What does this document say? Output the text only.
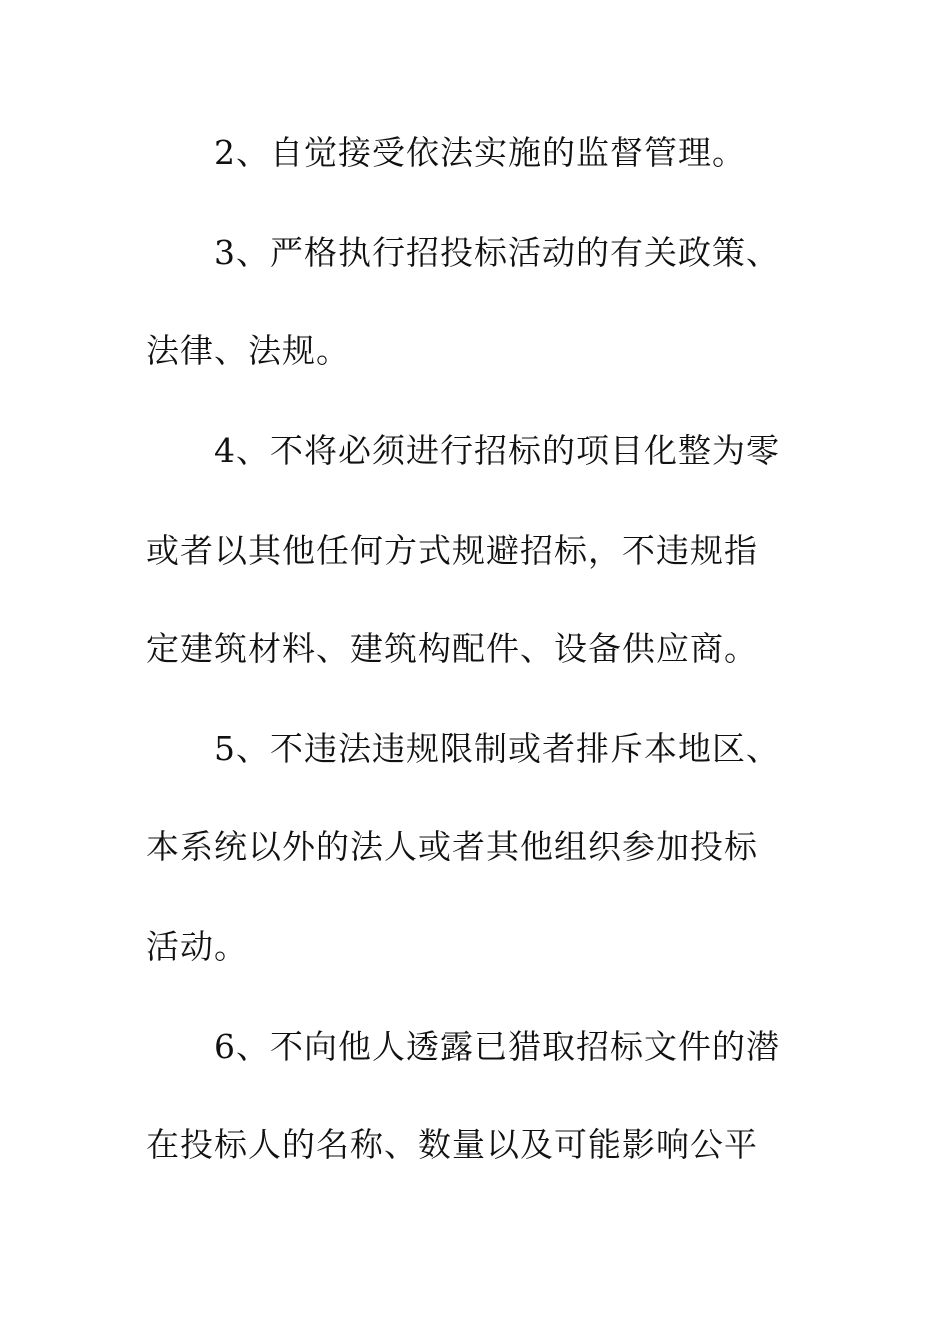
2、自觉接受依法实施的监督管理。
3、严格执行招投标活动的有关政策、
法律、法规。
4、不将必须进行招标的项目化整为零
或者以其他任何方式规避招标，不违规指
定建筑材料、建筑构配件、设备供应商。
5、不违法违规限制或者排斥本地区、
本系统以外的法人或者其他组织参加投标
活动。
6、不向他人透露已猎取招标文件的潜
在投标人的名称、数量以及可能影响公平
